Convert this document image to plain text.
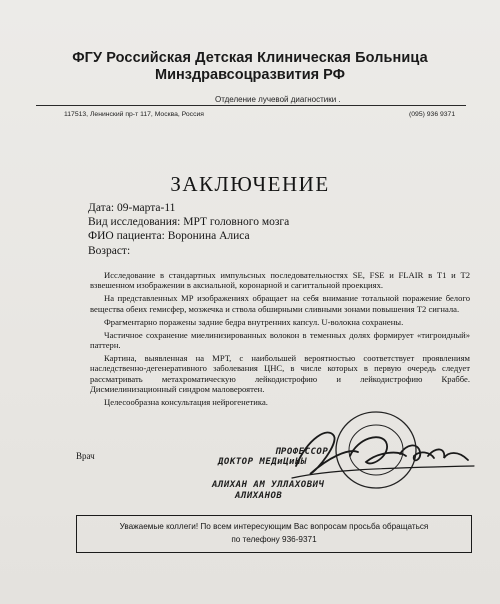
ФГУ Российская Детская Клиническая Больница
Минздравсоцразвития РФ
Отделение лучевой диагностики .
117513, Ленинский пр-т 117, Москва, Россия	(095) 936 9371
ЗАКЛЮЧЕНИЕ
Дата: 09-марта-11
Вид исследования: МРТ головного мозга
ФИО пациента: Воронина Алиса
Возраст:

Исследование в стандартных импульсных последовательностях SE, FSE и FLAIR в Т1 и Т2 взвешенном изображении в аксиальной, коронарной и сагиттальной проекциях.

На представленных МР изображениях обращает на себя внимание тотальной поражение белого вещества обеих гемисфер, мозжечка и ствола обширными сливными зонами повышения Т2 сигнала.

Фрагментарно поражены задние бедра внутренних капсул. U-волокна сохранены.

Частичное сохранение миелинизированных волокон в теменных долях формирует «тигроидный» паттерн.

Картина, выявленная на МРТ, с наибольшей вероятностью соответствует проявлениям наследственно-дегенеративного заболевания ЦНС, в числе которых в первую очередь следует рассматривать метахроматическую лейкодистрофию и лейкодистрофию Краббе. Дисмиелинизационный синдром маловероятен.

Целесообразна консультация нейрогенетика.

Врач	ПРОФЕССОР
ДОКТОР МЕДиЦиНЫ
АЛИХАН АМ УЛЛАХОВИЧ
АЛИХАНОВ
Уважаемые коллеги! По всем интересующим Вас вопросам просьба обращаться
по телефону 936-9371
